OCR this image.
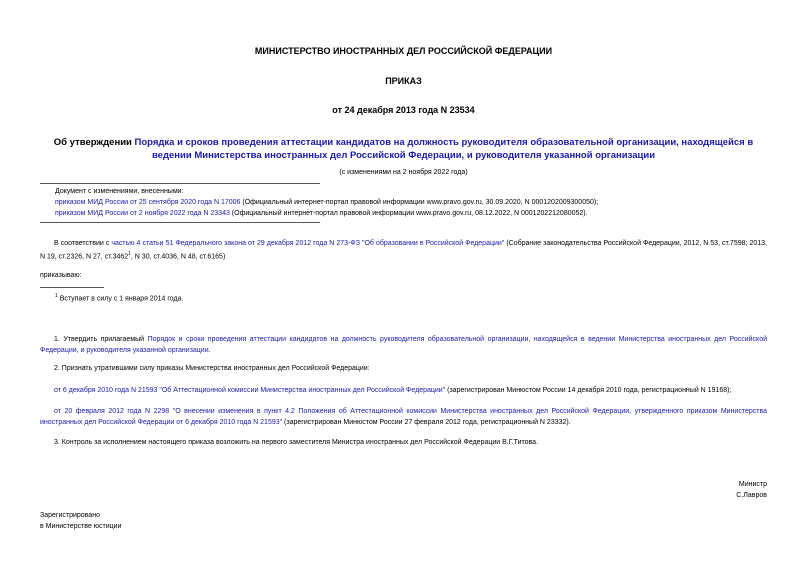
МИНИСТЕРСТВО ИНОСТРАННЫХ ДЕЛ РОССИЙСКОЙ ФЕДЕРАЦИИ
ПРИКАЗ
от 24 декабря 2013 года N 23534
Об утверждении Порядка и сроков проведения аттестации кандидатов на должность руководителя образовательной организации, находящейся в ведении Министерства иностранных дел Российской Федерации, и руководителя указанной организации
(с изменениями на 2 ноября 2022 года)
Документ с изменениями, внесенными:
приказом МИД России от 25 сентября 2020 года N 17006 (Официальный интернет-портал правовой информации www.pravo.gov.ru, 30.09.2020, N 0001202009300050);
приказом МИД России от 2 ноября 2022 года N 23343 (Официальный интернет-портал правовой информации www.pravo.gov.ru, 08.12.2022, N 0001202212080052).
В соответствии с частью 4 статьи 51 Федерального закона от 29 декабря 2012 года N 273-ФЗ "Об образовании в Российской Федерации" (Собрание законодательства Российской Федерации, 2012, N 53, ст.7598; 2013, N 19, ст.2326, N 27, ст.3462$^1$, N 30, ст.4036, N 48, ст.6165)
приказываю:
$^1$ Вступает в силу с 1 января 2014 года.
1. Утвердить прилагаемый Порядок и сроки проведения аттестации кандидатов на должность руководителя образовательной организации, находящейся в ведении Министерства иностранных дел Российской Федерации, и руководителя указанной организации.
2. Признать утратившими силу приказы Министерства иностранных дел Российской Федерации:
от 6 декабря 2010 года N 21593 "Об Аттестационной комиссии Министерства иностранных дел Российской Федерации" (зарегистрирован Минюстом России 14 декабря 2010 года, регистрационный N 19168);
от 20 февраля 2012 года N 2298 "О внесении изменения в пункт 4.2 Положения об Аттестационной комиссии Министерства иностранных дел Российской Федерации, утвержденного приказом Министерства иностранных дел Российской Федерации от 6 декабря 2010 года N 21593" (зарегистрирован Минюстом России 27 февраля 2012 года, регистрационный N 23332).
3. Контроль за исполнением настоящего приказа возложить на первого заместителя Министра иностранных дел Российской Федерации В.Г.Титова.
Министр
С.Лавров
Зарегистрировано
в Министерстве юстиции
